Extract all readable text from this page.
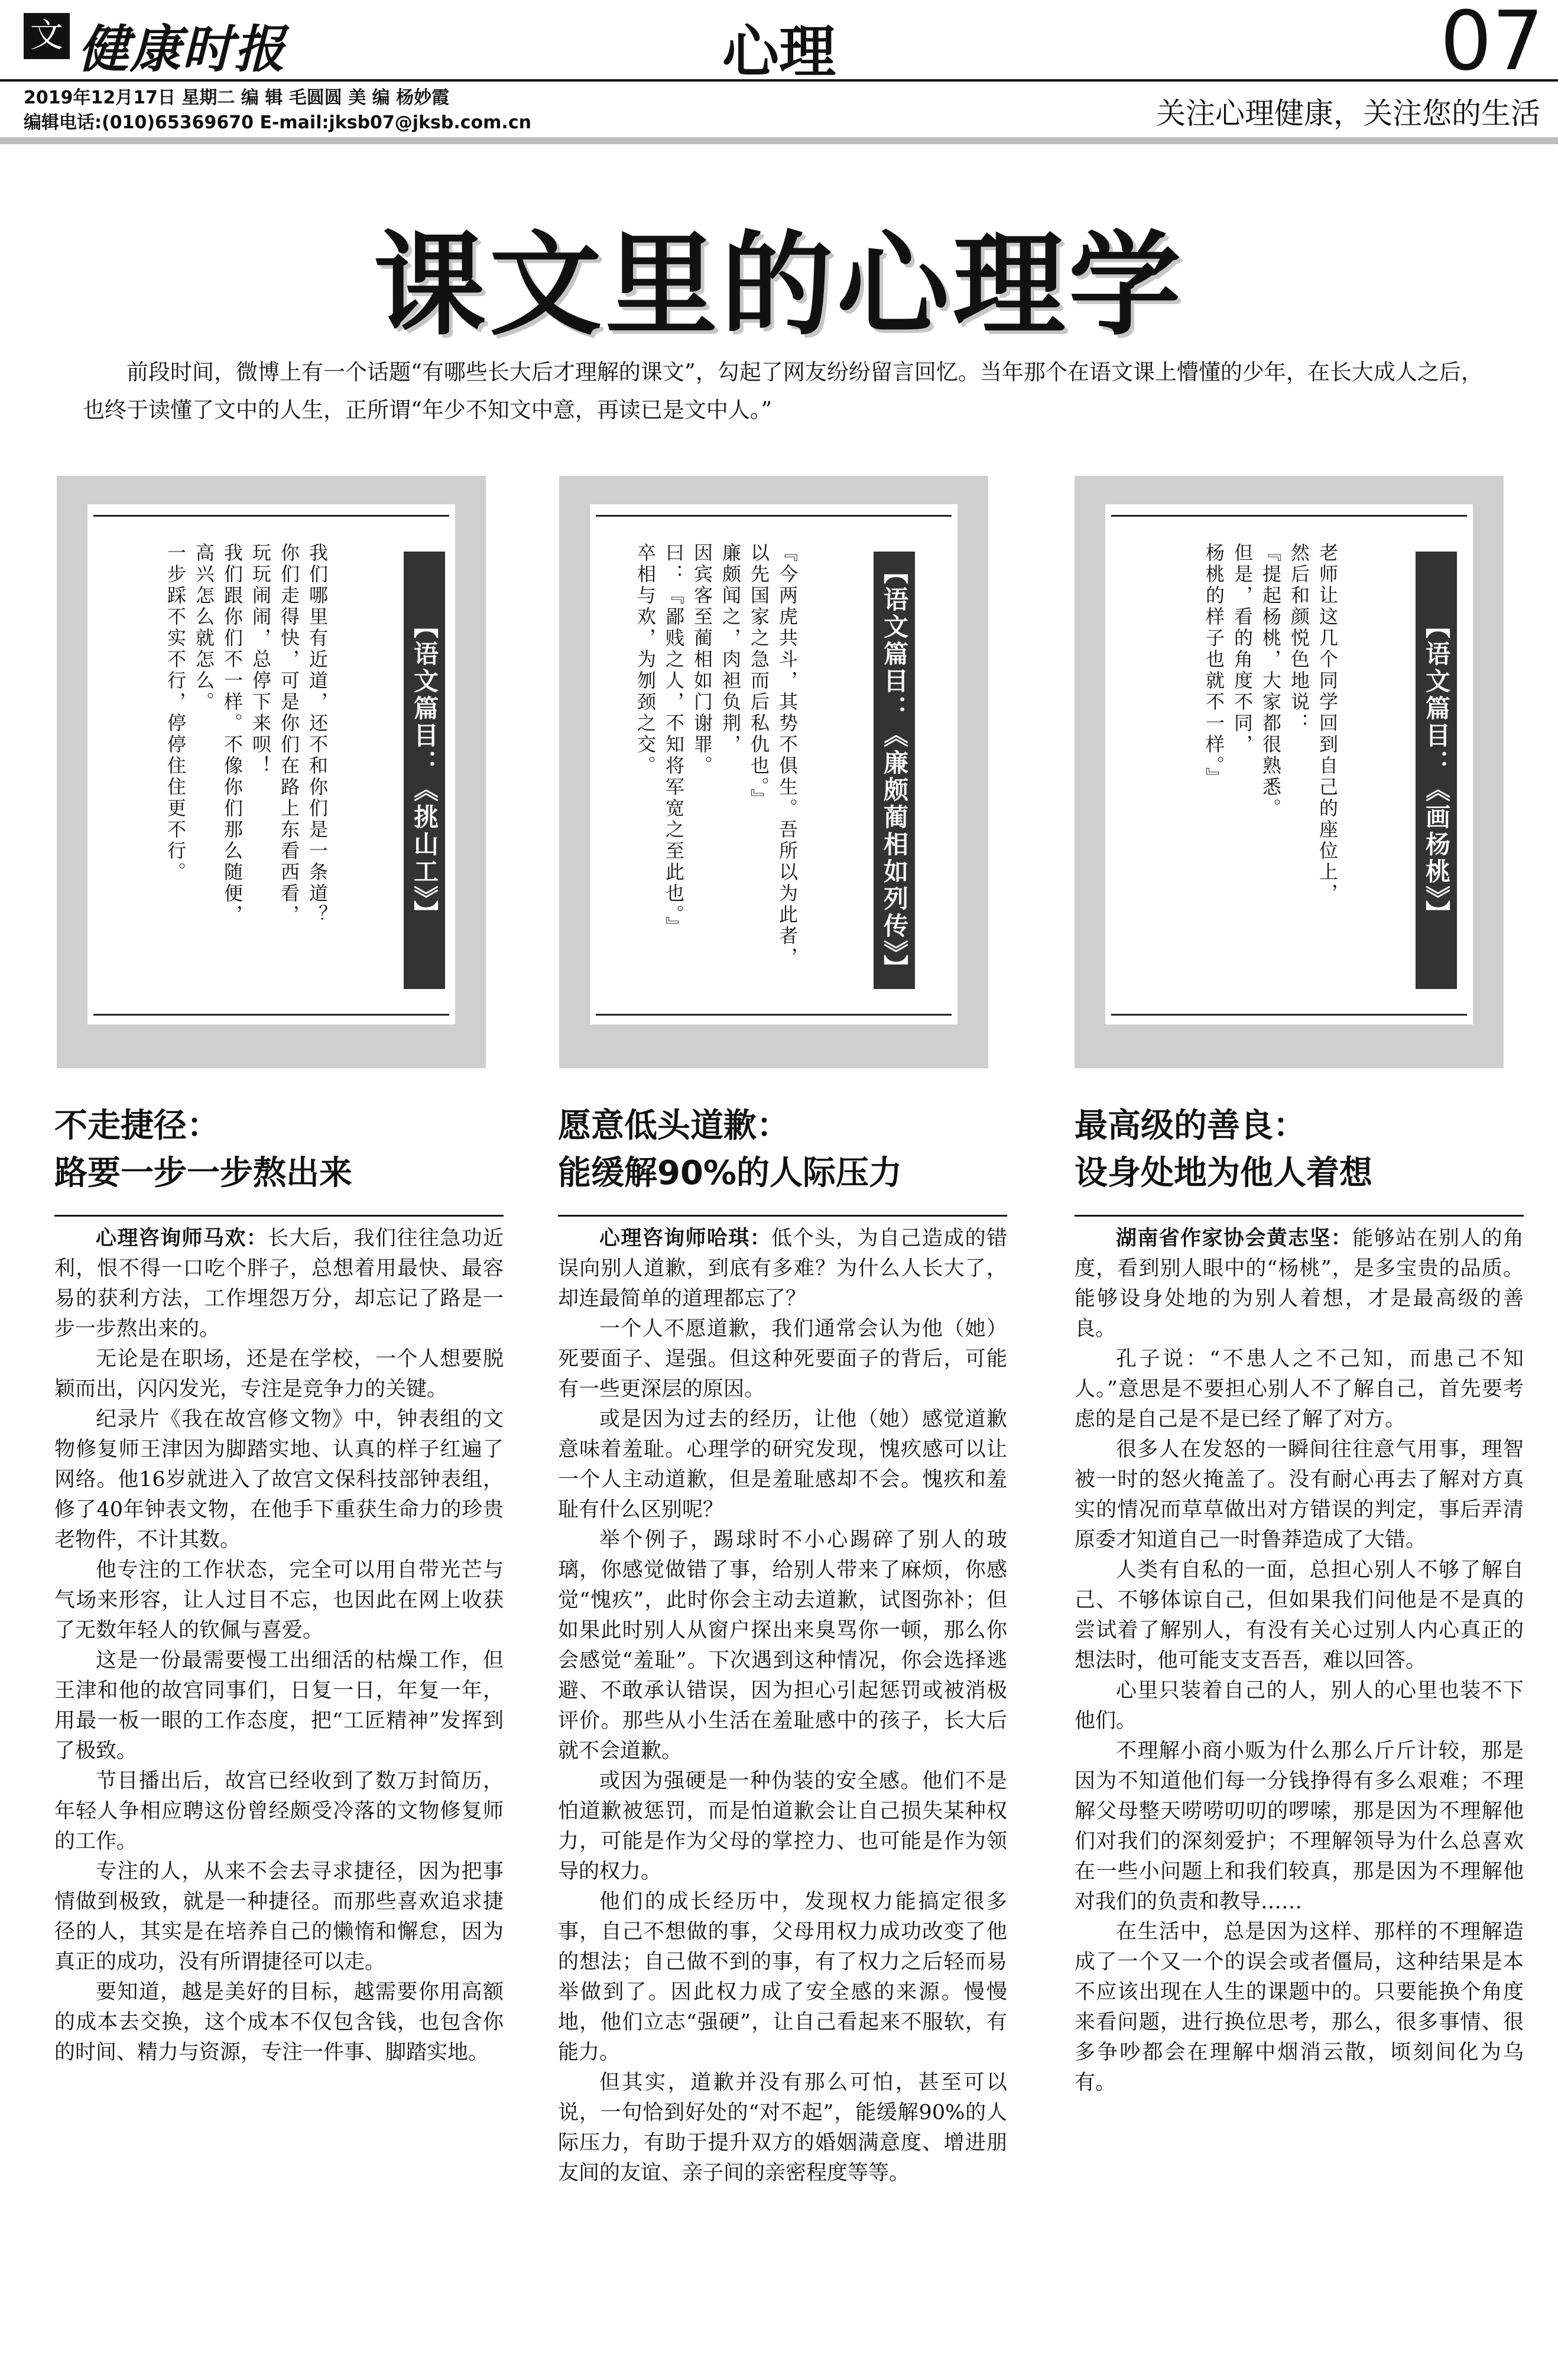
文 健康时报	心理	07
2019年12月17日 星期二 编 辑 毛圆圆 美 编 杨妙霞
编辑电话:(010)65369670 E-mail:jksb07@jksb.com.cn	关注心理健康，关注您的生活
课文里的心理学
前段时间，微博上有一个话题“有哪些长大后才理解的课文”，勾起了网友纷纷留言回忆。当年那个在语文课上懵懂的少年，在长大成人之后，也终于读懂了文中的人生，正所谓“年少不知文中意，再读已是文中人。”
【语文篇目：《挑山工》】
我们哪里有近道，还不和你们是一条道？
你们走得快，可是你们在路上东看西看，
玩玩闹闹，总停下来呗！
我们跟你们不一样。不像你们那么随便，
高兴怎么就怎么。
一步踩不实不行，停停住住更不行。	【语文篇目：《廉颇蔺相如列传》】
『今两虎共斗，其势不俱生。吾所以为此者，
以先国家之急而后私仇也。』
廉颇闻之，肉袒负荆，
因宾客至蔺相如门谢罪。
曰：『鄙贱之人，不知将军宽之至此也。』
卒相与欢，为刎颈之交。	【语文篇目：《画杨桃》】
老师让这几个同学回到自己的座位上，
然后和颜悦色地说：
『提起杨桃，大家都很熟悉。
但是，看的角度不同，
杨桃的样子也就不一样。』
不走捷径：
路要一步一步熬出来

心理咨询师马欢：长大后，我们往往急功近利，恨不得一口吃个胖子，总想着用最快、最容易的获利方法，工作埋怨万分，却忘记了路是一步一步熬出来的。

无论是在职场，还是在学校，一个人想要脱颖而出，闪闪发光，专注是竞争力的关键。

纪录片《我在故宫修文物》中，钟表组的文物修复师王津因为脚踏实地、认真的样子红遍了网络。他16岁就进入了故宫文保科技部钟表组，修了40年钟表文物，在他手下重获生命力的珍贵老物件，不计其数。

他专注的工作状态，完全可以用自带光芒与气场来形容，让人过目不忘，也因此在网上收获了无数年轻人的钦佩与喜爱。

这是一份最需要慢工出细活的枯燥工作，但王津和他的故宫同事们，日复一日，年复一年，用最一板一眼的工作态度，把“工匠精神”发挥到了极致。

节目播出后，故宫已经收到了数万封简历，年轻人争相应聘这份曾经颇受冷落的文物修复师的工作。

专注的人，从来不会去寻求捷径，因为把事情做到极致，就是一种捷径。而那些喜欢追求捷径的人，其实是在培养自己的懒惰和懈怠，因为真正的成功，没有所谓捷径可以走。

要知道，越是美好的目标，越需要你用高额的成本去交换，这个成本不仅包含钱，也包含你的时间、精力与资源，专注一件事、脚踏实地。

愿意低头道歉：
能缓解90%的人际压力

心理咨询师哈琪：低个头，为自己造成的错误向别人道歉，到底有多难？为什么人长大了，却连最简单的道理都忘了？

一个人不愿道歉，我们通常会认为他（她）死要面子、逞强。但这种死要面子的背后，可能有一些更深层的原因。

或是因为过去的经历，让他（她）感觉道歉意味着羞耻。心理学的研究发现，愧疚感可以让一个人主动道歉，但是羞耻感却不会。愧疚和羞耻有什么区别呢？

举个例子，踢球时不小心踢碎了别人的玻璃，你感觉做错了事，给别人带来了麻烦，你感觉“愧疚”，此时你会主动去道歉，试图弥补；但如果此时别人从窗户探出来臭骂你一顿，那么你会感觉“羞耻”。下次遇到这种情况，你会选择逃避、不敢承认错误，因为担心引起惩罚或被消极评价。那些从小生活在羞耻感中的孩子，长大后就不会道歉。

或因为强硬是一种伪装的安全感。他们不是怕道歉被惩罚，而是怕道歉会让自己损失某种权力，可能是作为父母的掌控力、也可能是作为领导的权力。

他们的成长经历中，发现权力能搞定很多事，自己不想做的事，父母用权力成功改变了他的想法；自己做不到的事，有了权力之后轻而易举做到了。因此权力成了安全感的来源。慢慢地，他们立志“强硬”，让自己看起来不服软，有能力。

但其实，道歉并没有那么可怕，甚至可以说，一句恰到好处的“对不起”，能缓解90%的人际压力，有助于提升双方的婚姻满意度、增进朋友间的友谊、亲子间的亲密程度等等。

最高级的善良：
设身处地为他人着想

湖南省作家协会黄志坚：能够站在别人的角度，看到别人眼中的“杨桃”，是多宝贵的品质。能够设身处地的为别人着想，才是最高级的善良。

孔子说：“不患人之不己知，而患己不知人。”意思是不要担心别人不了解自己，首先要考虑的是自己是不是已经了解了对方。

很多人在发怒的一瞬间往往意气用事，理智被一时的怒火掩盖了。没有耐心再去了解对方真实的情况而草草做出对方错误的判定，事后弄清原委才知道自己一时鲁莽造成了大错。

人类有自私的一面，总担心别人不够了解自己、不够体谅自己，但如果我们问他是不是真的尝试着了解别人，有没有关心过别人内心真正的想法时，他可能支支吾吾，难以回答。

心里只装着自己的人，别人的心里也装不下他们。

不理解小商小贩为什么那么斤斤计较，那是因为不知道他们每一分钱挣得有多么艰难；不理解父母整天唠唠叨叨的啰嗦，那是因为不理解他们对我们的深刻爱护；不理解领导为什么总喜欢在一些小问题上和我们较真，那是因为不理解他对我们的负责和教导……

在生活中，总是因为这样、那样的不理解造成了一个又一个的误会或者僵局，这种结果是本不应该出现在人生的课题中的。只要能换个角度来看问题，进行换位思考，那么，很多事情、很多争吵都会在理解中烟消云散，顷刻间化为乌有。
